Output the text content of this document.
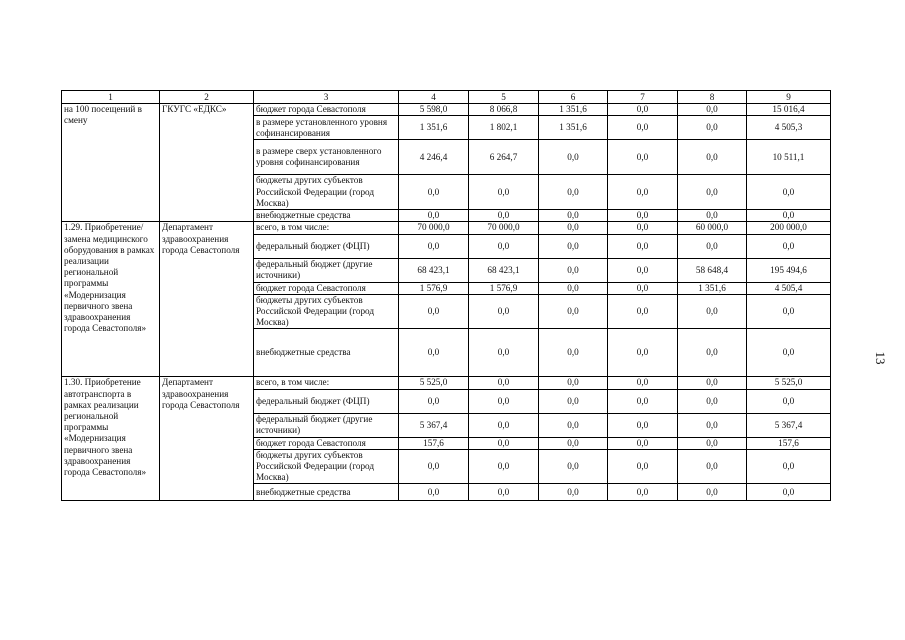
1	2	3	4	5	6	7	8	9
на 100 посещений в смену	ГКУГС «ЕДКС»	бюджет города Севастополя	5 598,0	8 066,8	1 351,6	0,0	0,0	15 016,4
		в размере установленного уровня софинансирования	1 351,6	1 802,1	1 351,6	0,0	0,0	4 505,3
		в размере сверх установленного уровня софинансирования	4 246,4	6 264,7	0,0	0,0	0,0	10 511,1
		бюджеты других субъектов Российской Федерации (город Москва)	0,0	0,0	0,0	0,0	0,0	0,0
		внебюджетные средства	0,0	0,0	0,0	0,0	0,0	0,0
1.29. Приобретение/замена медицинского оборудования в рамках реализации региональной программы «Модернизация первичного звена здравоохранения города Севастополя»	Департамент здравоохранения города Севастополя	всего, в том числе:	70 000,0	70 000,0	0,0	0,0	60 000,0	200 000,0
		федеральный бюджет (ФЦП)	0,0	0,0	0,0	0,0	0,0	0,0
		федеральный бюджет (другие источники)	68 423,1	68 423,1	0,0	0,0	58 648,4	195 494,6
		бюджет города Севастополя	1 576,9	1 576,9	0,0	0,0	1 351,6	4 505,4
		бюджеты других субъектов Российской Федерации (город Москва)	0,0	0,0	0,0	0,0	0,0	0,0
		внебюджетные средства	0,0	0,0	0,0	0,0	0,0	0,0
1.30. Приобретение автотранспорта в рамках реализации региональной программы «Модернизация первичного звена здравоохранения города Севастополя»	Департамент здравоохранения города Севастополя	всего, в том числе:	5 525,0	0,0	0,0	0,0	0,0	5 525,0
		федеральный бюджет (ФЦП)	0,0	0,0	0,0	0,0	0,0	0,0
		федеральный бюджет (другие источники)	5 367,4	0,0	0,0	0,0	0,0	5 367,4
		бюджет города Севастополя	157,6	0,0	0,0	0,0	0,0	157,6
		бюджеты других субъектов Российской Федерации (город Москва)	0,0	0,0	0,0	0,0	0,0	0,0
		внебюджетные средства	0,0	0,0	0,0	0,0	0,0	0,0
13
